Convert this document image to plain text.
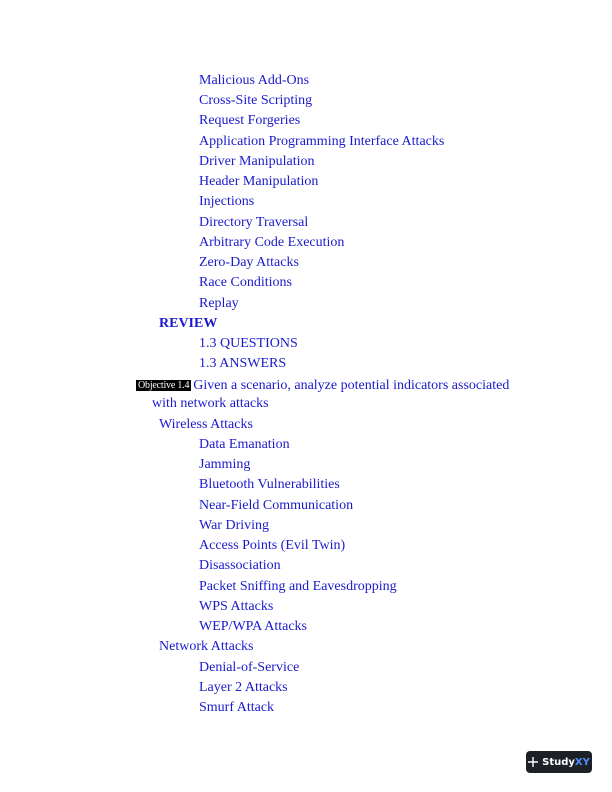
Malicious Add-Ons
Cross-Site Scripting
Request Forgeries
Application Programming Interface Attacks
Driver Manipulation
Header Manipulation
Injections
Directory Traversal
Arbitrary Code Execution
Zero-Day Attacks
Race Conditions
Replay
REVIEW
1.3 QUESTIONS
1.3 ANSWERS
Objective 1.4 Given a scenario, analyze potential indicators associated
with network attacks
Wireless Attacks
Data Emanation
Jamming
Bluetooth Vulnerabilities
Near-Field Communication
War Driving
Access Points (Evil Twin)
Disassociation
Packet Sniffing and Eavesdropping
WPS Attacks
WEP/WPA Attacks
Network Attacks
Denial-of-Service
Layer 2 Attacks
Smurf Attack
StudyXY
